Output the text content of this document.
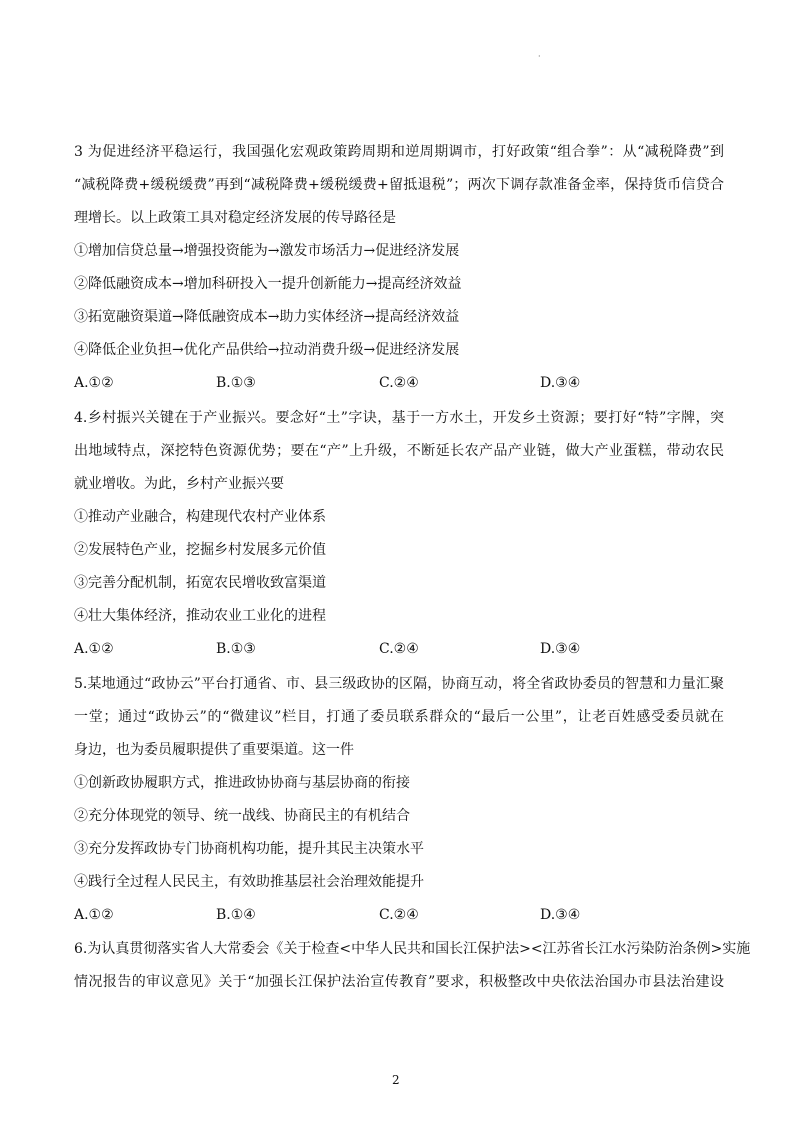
·
3 为促进经济平稳运行，我国强化宏观政策跨周期和逆周期调市，打好政策“组合拳”：从“减税降费”到
“减税降费+缓税缓费”再到“减税降费+缓税缓费+留抵退税”；两次下调存款准备金率，保持货币信贷合
理增长。以上政策工具对稳定经济发展的传导路径是
①增加信贷总量→增强投资能为→激发市场活力→促进经济发展
②降低融资成本→增加科研投入一提升创新能力→提高经济效益
③拓宽融资渠道→降低融资成本→助力实体经济→提高经济效益
④降低企业负担→优化产品供给→拉动消费升级→促进经济发展
A.①②	B.①③	C.②④	D.③④
4.乡村振兴关键在于产业振兴。要念好“土”字诀，基于一方水土，开发乡土资源；要打好“特”字牌，突
出地域特点，深挖特色资源优势；要在“产”上升级，不断延长农产品产业链，做大产业蛋糕，带动农民
就业增收。为此，乡村产业振兴要
①推动产业融合，构建现代农村产业体系
②发展特色产业，挖掘乡村发展多元价值
③完善分配机制，拓宽农民增收致富渠道
④壮大集体经济，推动农业工业化的进程
A.①②	B.①③	C.②④	D.③④
5.某地通过“政协云”平台打通省、市、县三级政协的区隔，协商互动，将全省政协委员的智慧和力量汇聚
一堂；通过“政协云”的“微建议”栏目，打通了委员联系群众的“最后一公里”，让老百姓感受委员就在
身边，也为委员履职提供了重要渠道。这一件
①创新政协履职方式，推进政协协商与基层协商的衔接
②充分体现党的领导、统一战线、协商民主的有机结合
③充分发挥政协专门协商机构功能，提升其民主决策水平
④践行全过程人民民主，有效助推基层社会治理效能提升
A.①②	B.①④	C.②④	D.③④
6.为认真贯彻落实省人大常委会《关于检查<中华人民共和国长江保护法><江苏省长江水污染防治条例>实施
情况报告的审议意见》关于“加强长江保护法治宣传教育”要求，积极整改中央依法治国办市县法治建设
2
